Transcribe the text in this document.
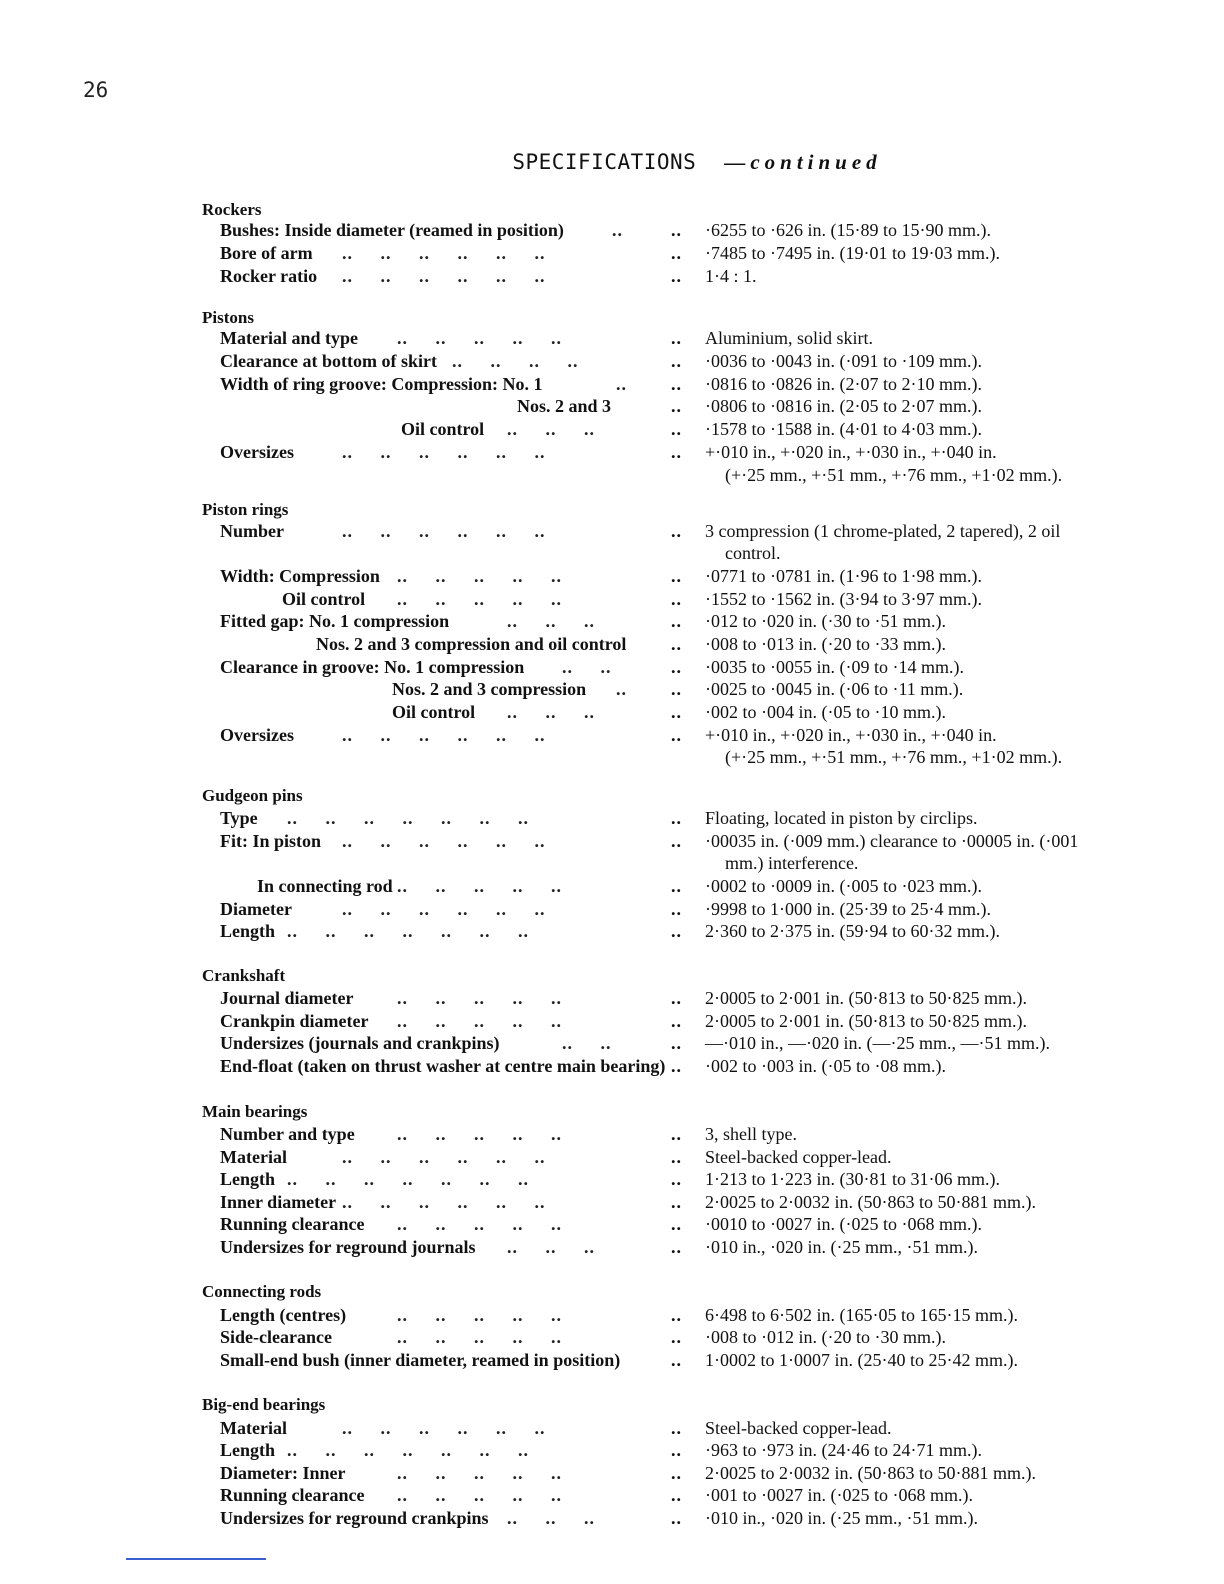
26
SPECIFICATIONS —continued
Rockers
Bushes: Inside diameter (reamed in position)	..	.. ·6255 to ·626 in. (15·89 to 15·90 mm.).
Bore of arm ..     ..     ..     ..     ..     ..	.. ·7485 to ·7495 in. (19·01 to 19·03 mm.).
Rocker ratio ..     ..     ..     ..     ..     ..	.. 1·4 : 1.
Pistons
Material and type ..     ..     ..     ..     ..	.. Aluminium, solid skirt.
Clearance at bottom of skirt ..     ..     ..     ..	.. ·0036 to ·0043 in. (·091 to ·109 mm.).
Width of ring groove: Compression: No. 1	.. .. ·0816 to ·0826 in. (2·07 to 2·10 mm.).
Nos. 2 and 3	.. ·0806 to ·0816 in. (2·05 to 2·07 mm.).
Oil control ..     ..     ..	.. ·1578 to ·1588 in. (4·01 to 4·03 mm.).
Oversizes	..     ..     ..     ..     ..     ..	.. +·010 in., +·020 in., +·030 in., +·040 in.
(+·25 mm., +·51 mm., +·76 mm., +1·02 mm.).
Piston rings
Number	..     ..     ..     ..     ..     ..	.. 3 compression (1 chrome-plated, 2 tapered), 2 oil
control.
Width: Compression ..     ..     ..     ..     ..	.. ·0771 to ·0781 in. (1·96 to 1·98 mm.).
Oil control ..     ..     ..     ..     ..	.. ·1552 to ·1562 in. (3·94 to 3·97 mm.).
Fitted gap: No. 1 compression	..     ..     ..	.. ·012 to ·020 in. (·30 to ·51 mm.).
Nos. 2 and 3 compression and oil control .. ·008 to ·013 in. (·20 to ·33 mm.).
Clearance in groove: No. 1 compression ..     ..	.. ·0035 to ·0055 in. (·09 to ·14 mm.).
Nos. 2 and 3 compression .. .. ·0025 to ·0045 in. (·06 to ·11 mm.).
Oil control ..     ..     ..	.. ·002 to ·004 in. (·05 to ·10 mm.).
Oversizes	..     ..     ..     ..     ..     ..	.. +·010 in., +·020 in., +·030 in., +·040 in.
(+·25 mm., +·51 mm., +·76 mm., +1·02 mm.).
Gudgeon pins
Type ..     ..     ..     ..     ..     ..     ..	.. Floating, located in piston by circlips.
Fit: In piston ..     ..     ..     ..     ..     ..	.. ·00035 in. (·009 mm.) clearance to ·00005 in. (·001
mm.) interference.
In connecting rod ..     ..     ..     ..     ..	.. ·0002 to ·0009 in. (·005 to ·023 mm.).
Diameter	..     ..     ..     ..     ..     ..	.. ·9998 to 1·000 in. (25·39 to 25·4 mm.).
Length ..     ..     ..     ..     ..     ..     ..	.. 2·360 to 2·375 in. (59·94 to 60·32 mm.).
Crankshaft
Journal diameter ..     ..     ..     ..     ..	.. 2·0005 to 2·001 in. (50·813 to 50·825 mm.).
Crankpin diameter ..     ..     ..     ..     ..	.. 2·0005 to 2·001 in. (50·813 to 50·825 mm.).
Undersizes (journals and crankpins)	..     ..	.. —·010 in., —·020 in. (—·25 mm., —·51 mm.).
End-float (taken on thrust washer at centre main bearing) .. ·002 to ·003 in. (·05 to ·08 mm.).
Main bearings
Number and type ..     ..     ..     ..     ..	.. 3, shell type.
Material	..     ..     ..     ..     ..     ..	.. Steel-backed copper-lead.
Length ..     ..     ..     ..     ..     ..     ..	.. 1·213 to 1·223 in. (30·81 to 31·06 mm.).
Inner diameter ..     ..     ..     ..     ..     ..	.. 2·0025 to 2·0032 in. (50·863 to 50·881 mm.).
Running clearance ..     ..     ..     ..     ..	.. ·0010 to ·0027 in. (·025 to ·068 mm.).
Undersizes for reground journals ..     ..     ..	.. ·010 in., ·020 in. (·25 mm., ·51 mm.).
Connecting rods
Length (centres)	..     ..     ..     ..     ..	.. 6·498 to 6·502 in. (165·05 to 165·15 mm.).
Side-clearance	..     ..     ..     ..     ..	.. ·008 to ·012 in. (·20 to ·30 mm.).
Small-end bush (inner diameter, reamed in position)	.. 1·0002 to 1·0007 in. (25·40 to 25·42 mm.).
Big-end bearings
Material	..     ..     ..     ..     ..     ..	.. Steel-backed copper-lead.
Length ..     ..     ..     ..     ..     ..     ..	.. ·963 to ·973 in. (24·46 to 24·71 mm.).
Diameter: Inner	..     ..     ..     ..     ..	.. 2·0025 to 2·0032 in. (50·863 to 50·881 mm.).
Running clearance ..     ..     ..     ..     ..	.. ·001 to ·0027 in. (·025 to ·068 mm.).
Undersizes for reground crankpins ..     ..     ..	.. ·010 in., ·020 in. (·25 mm., ·51 mm.).
